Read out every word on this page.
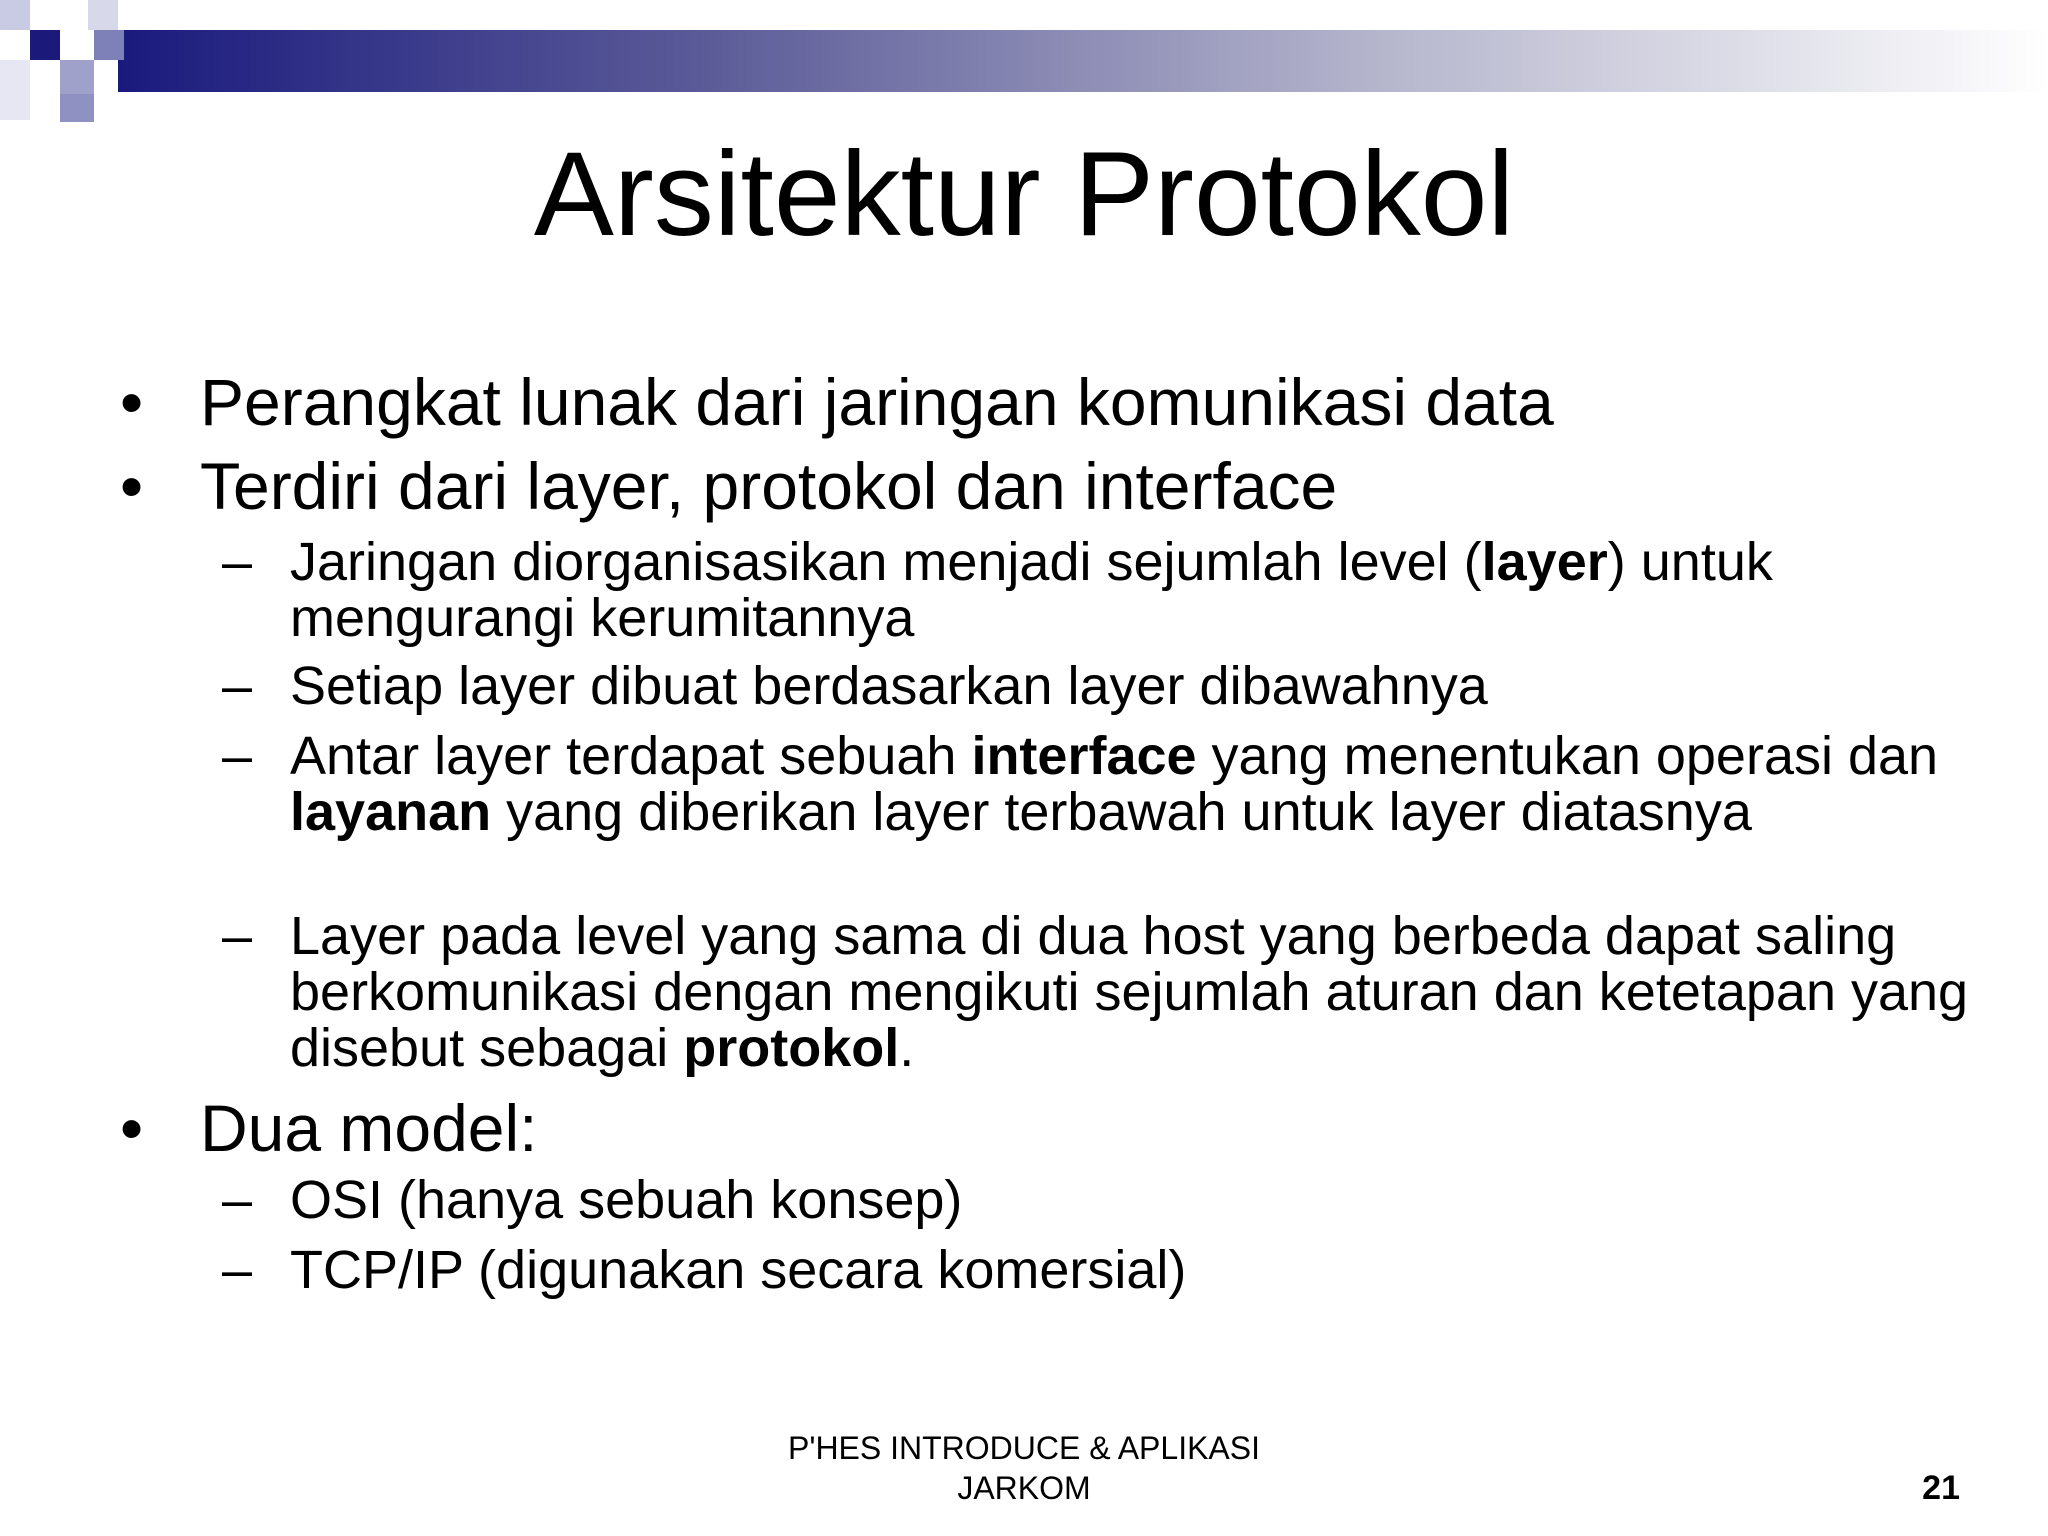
Arsitektur Protokol

• Perangkat lunak dari jaringan komunikasi data

• Terdiri dari layer, protokol dan interface

– Jaringan diorganisasikan menjadi sejumlah level (layer) untuk mengurangi kerumitannya

– Setiap layer dibuat berdasarkan layer dibawahnya

– Antar layer terdapat sebuah interface yang menentukan operasi dan layanan yang diberikan layer terbawah untuk layer diatasnya

– Layer pada level yang sama di dua host yang berbeda dapat saling berkomunikasi dengan mengikuti sejumlah aturan dan ketetapan yang disebut sebagai protokol.

• Dua model:

– OSI (hanya sebuah konsep)

– TCP/IP (digunakan secara komersial)

P'HES INTRODUCE & APLIKASI
JARKOM	21
